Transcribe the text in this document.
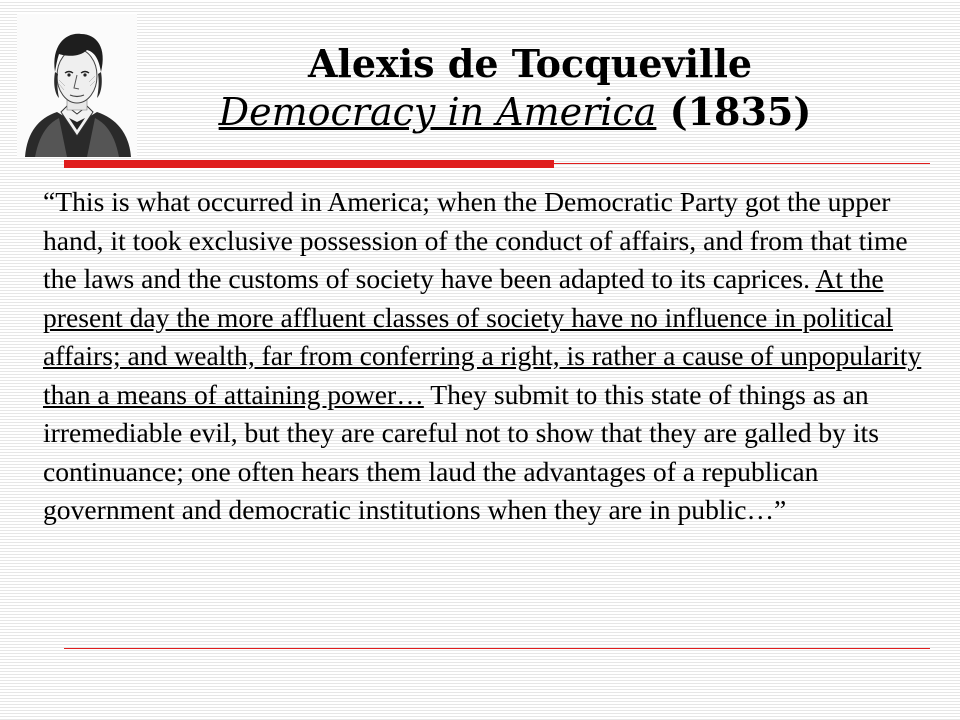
Alexis de Tocqueville

Democracy in America (1835)

“This is what occurred in America; when the Democratic Party got the upper hand, it took exclusive possession of the conduct of affairs, and from that time the laws and the customs of society have been adapted to its caprices. At the present day the more affluent classes of society have no influence in political affairs; and wealth, far from conferring a right, is rather a cause of unpopularity than a means of attaining power… They submit to this state of things as an irremediable evil, but they are careful not to show that they are galled by its continuance; one often hears them laud the advantages of a republican government and democratic institutions when they are in public…”
